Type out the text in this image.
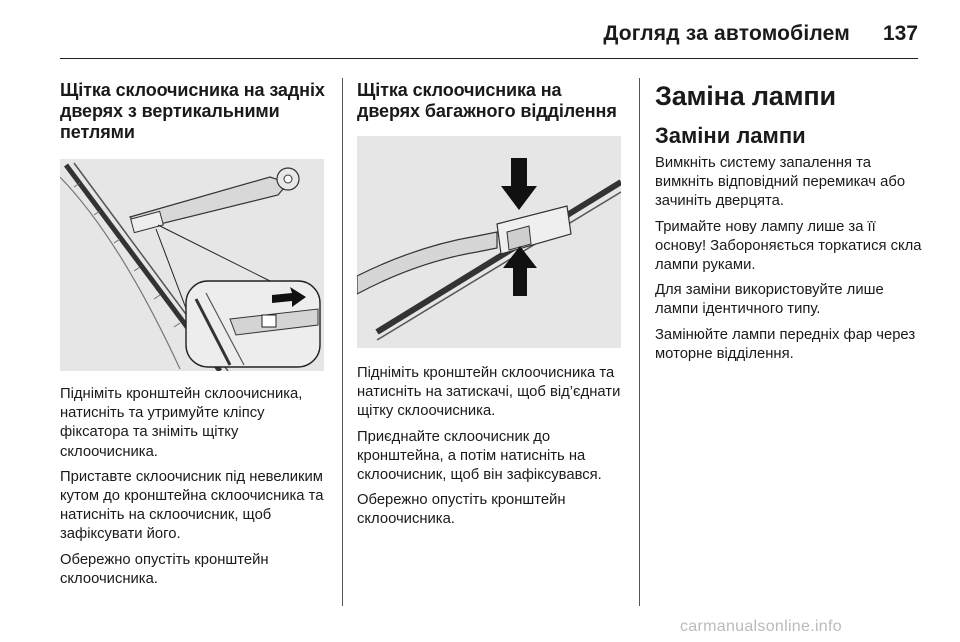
Догляд за автомобілем 137
Щітка склоочисника на задніх дверях з вертикальними петлями

Підніміть кронштейн склоочисника, натисніть та утримуйте кліпсу фіксатора та зніміть щітку склоочисника.

Приставте склоочисник під невеликим кутом до кронштейна склоочисника та натисніть на склоочисник, щоб зафіксувати його.

Обережно опустіть кронштейн склоочисника.

Щітка склоочисника на дверях багажного відділення

Підніміть кронштейн склоочисника та натисніть на затискачі, щоб від’єднати щітку склоочисника.

Приєднайте склоочисник до кронштейна, а потім натисніть на склоочисник, щоб він зафіксувався.

Обережно опустіть кронштейн склоочисника.

Заміна лампи
Заміни лампи

Вимкніть систему запалення та вимкніть відповідний перемикач або зачиніть дверцята.

Тримайте нову лампу лише за її основу! Забороняється торкатися скла лампи руками.

Для заміни використовуйте лише лампи ідентичного типу.

Замінюйте лампи передніх фар через моторне відділення.

carmanualsonline.info
